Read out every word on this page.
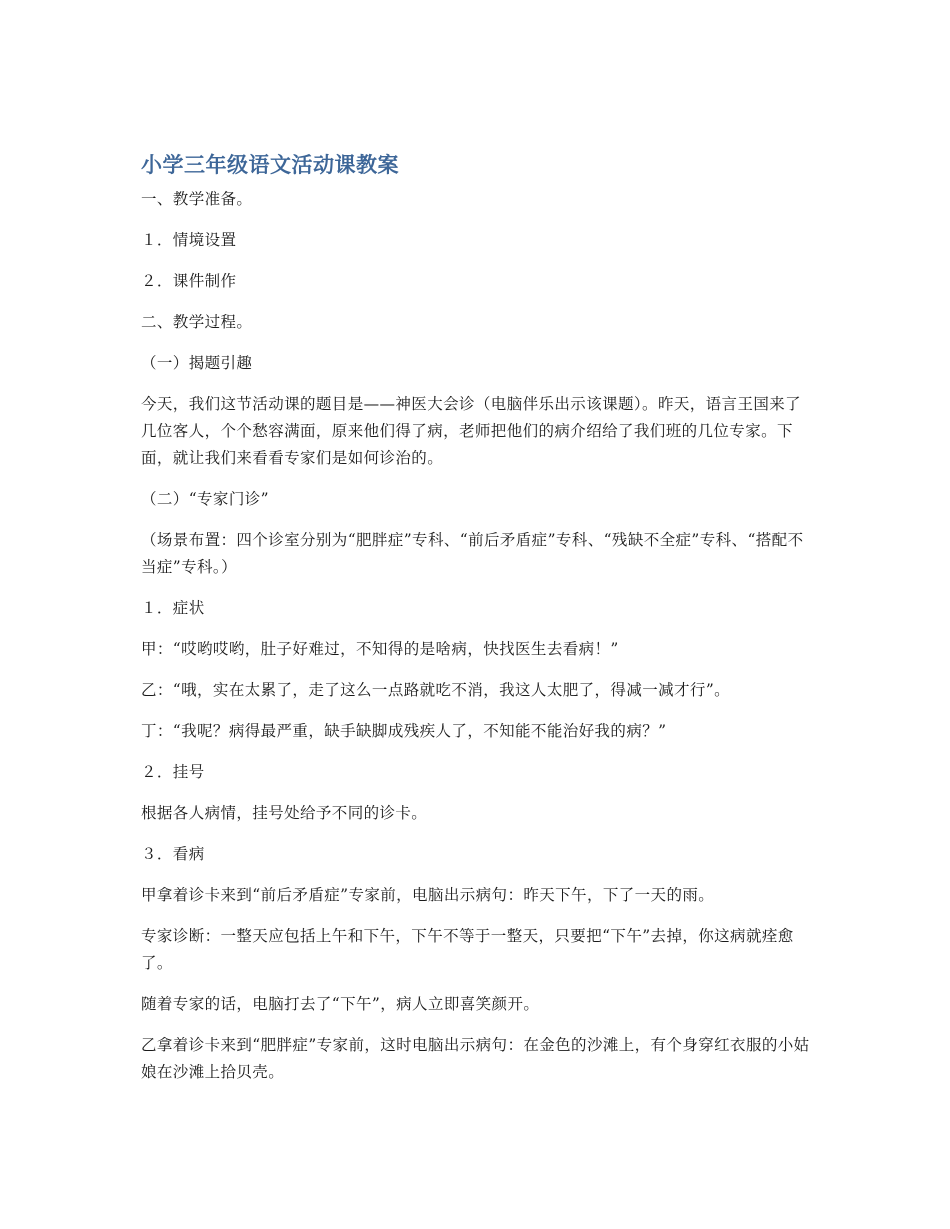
小学三年级语文活动课教案

一、教学准备。

１．情境设置

２．课件制作

二、教学过程。

（一）揭题引趣

今天，我们这节活动课的题目是——神医大会诊（电脑伴乐出示该课题）。昨天，语言王国来了几位客人，个个愁容满面，原来他们得了病，老师把他们的病介绍给了我们班的几位专家。下面，就让我们来看看专家们是如何诊治的。

（二）“专家门诊”

（场景布置：四个诊室分别为“肥胖症”专科、“前后矛盾症”专科、“残缺不全症”专科、“搭配不当症”专科。）

１．症状

甲：“哎哟哎哟，肚子好难过，不知得的是啥病，快找医生去看病！”

乙：“哦，实在太累了，走了这么一点路就吃不消，我这人太肥了，得减一减才行”。

丁：“我呢？病得最严重，缺手缺脚成残疾人了，不知能不能治好我的病？”

２．挂号

根据各人病情，挂号处给予不同的诊卡。

３．看病

甲拿着诊卡来到“前后矛盾症”专家前，电脑出示病句：昨天下午，下了一天的雨。

专家诊断：一整天应包括上午和下午，下午不等于一整天，只要把“下午”去掉，你这病就痊愈了。

随着专家的话，电脑打去了“下午”，病人立即喜笑颜开。

乙拿着诊卡来到“肥胖症”专家前，这时电脑出示病句：在金色的沙滩上，有个身穿红衣服的小姑娘在沙滩上拾贝壳。
